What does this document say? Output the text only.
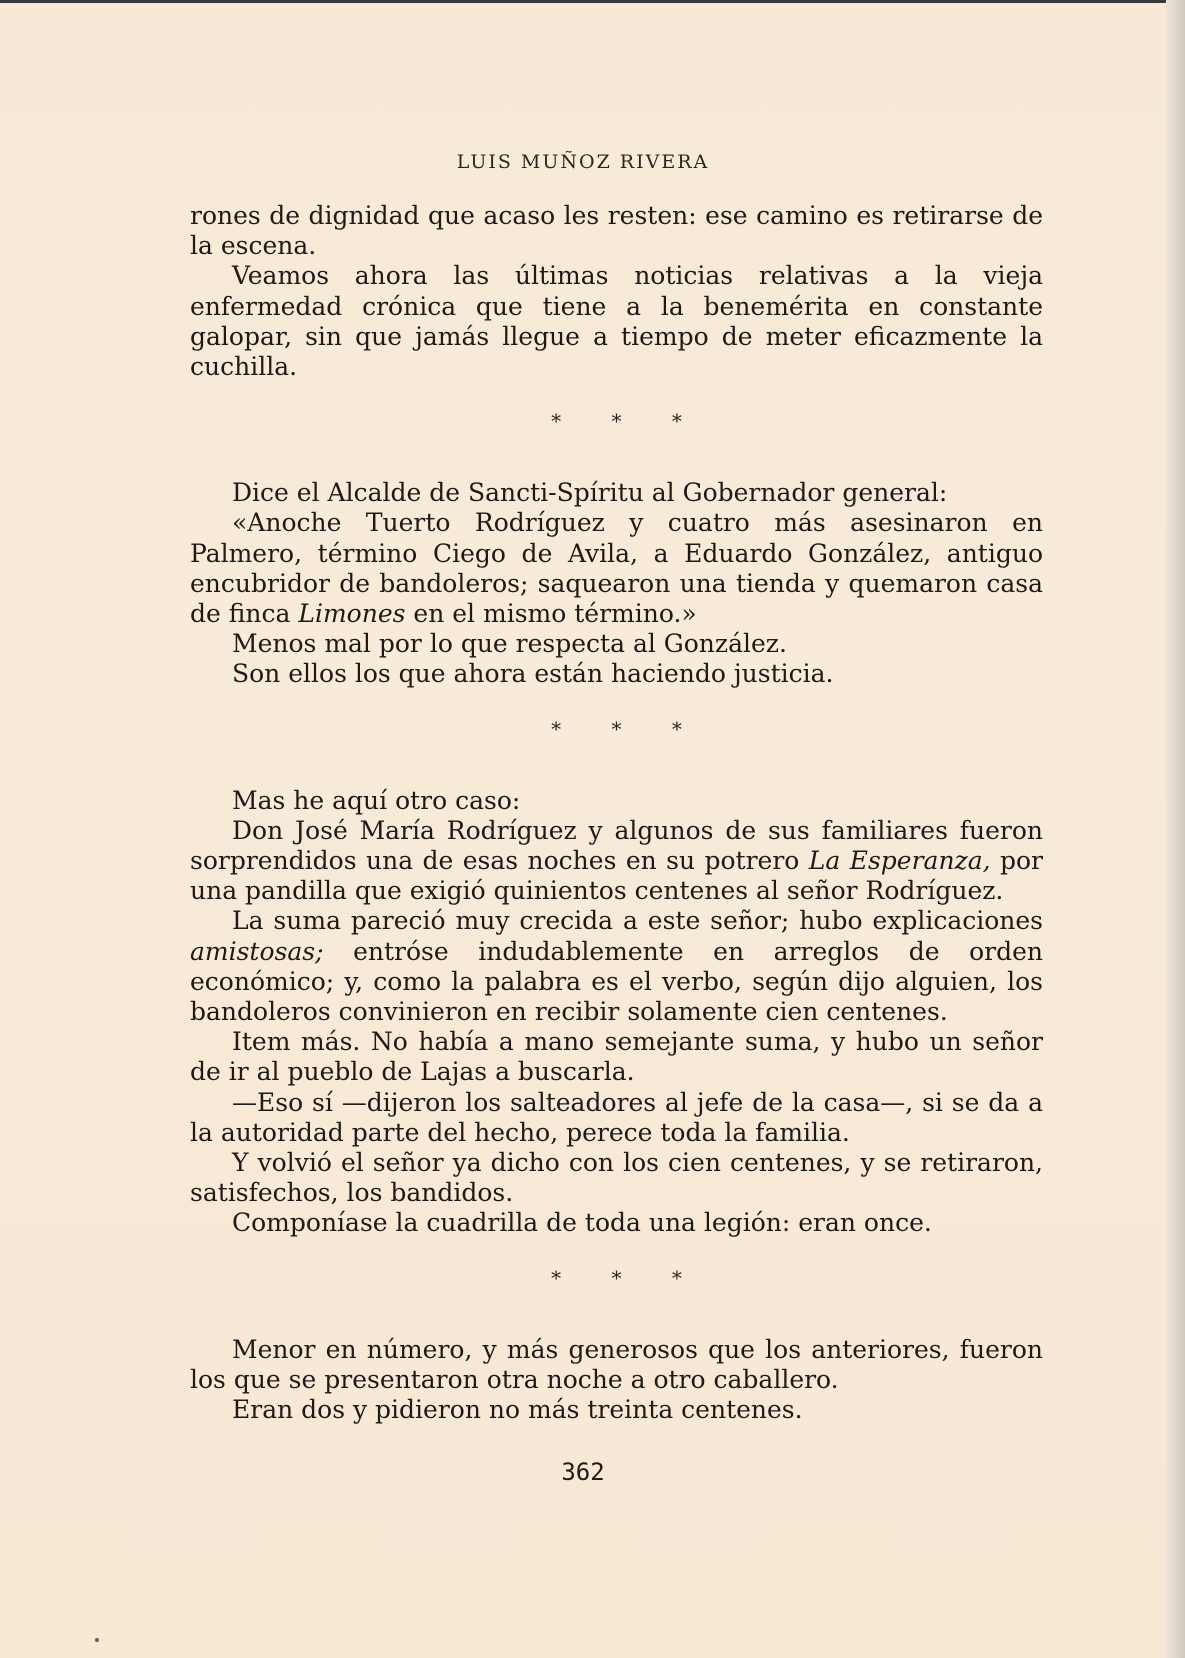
LUIS MUÑOZ RIVERA

rones de dignidad que acaso les resten: ese camino es retirarse de la escena.

Veamos ahora las últimas noticias relativas a la vieja enfermedad crónica que tiene a la benemérita en constante galopar, sin que jamás llegue a tiempo de meter eficazmente la cuchilla.

* * *

Dice el Alcalde de Sancti-Spíritu al Gobernador general:

«Anoche Tuerto Rodríguez y cuatro más asesinaron en Palmero, término Ciego de Avila, a Eduardo González, antiguo encubridor de bandoleros; saquearon una tienda y quemaron casa de finca Limones en el mismo término.»

Menos mal por lo que respecta al González.

Son ellos los que ahora están haciendo justicia.

* * *

Mas he aquí otro caso:

Don José María Rodríguez y algunos de sus familiares fueron sorprendidos una de esas noches en su potrero La Esperanza, por una pandilla que exigió quinientos centenes al señor Rodríguez.

La suma pareció muy crecida a este señor; hubo explicaciones amistosas; entróse indudablemente en arreglos de orden económico; y, como la palabra es el verbo, según dijo alguien, los bandoleros convinieron en recibir solamente cien centenes.

Item más. No había a mano semejante suma, y hubo un señor de ir al pueblo de Lajas a buscarla.

—Eso sí —dijeron los salteadores al jefe de la casa—, si se da a la autoridad parte del hecho, perece toda la familia.

Y volvió el señor ya dicho con los cien centenes, y se retiraron, satisfechos, los bandidos.

Componíase la cuadrilla de toda una legión: eran once.

* * *

Menor en número, y más generosos que los anteriores, fueron los que se presentaron otra noche a otro caballero.

Eran dos y pidieron no más treinta centenes.

362
